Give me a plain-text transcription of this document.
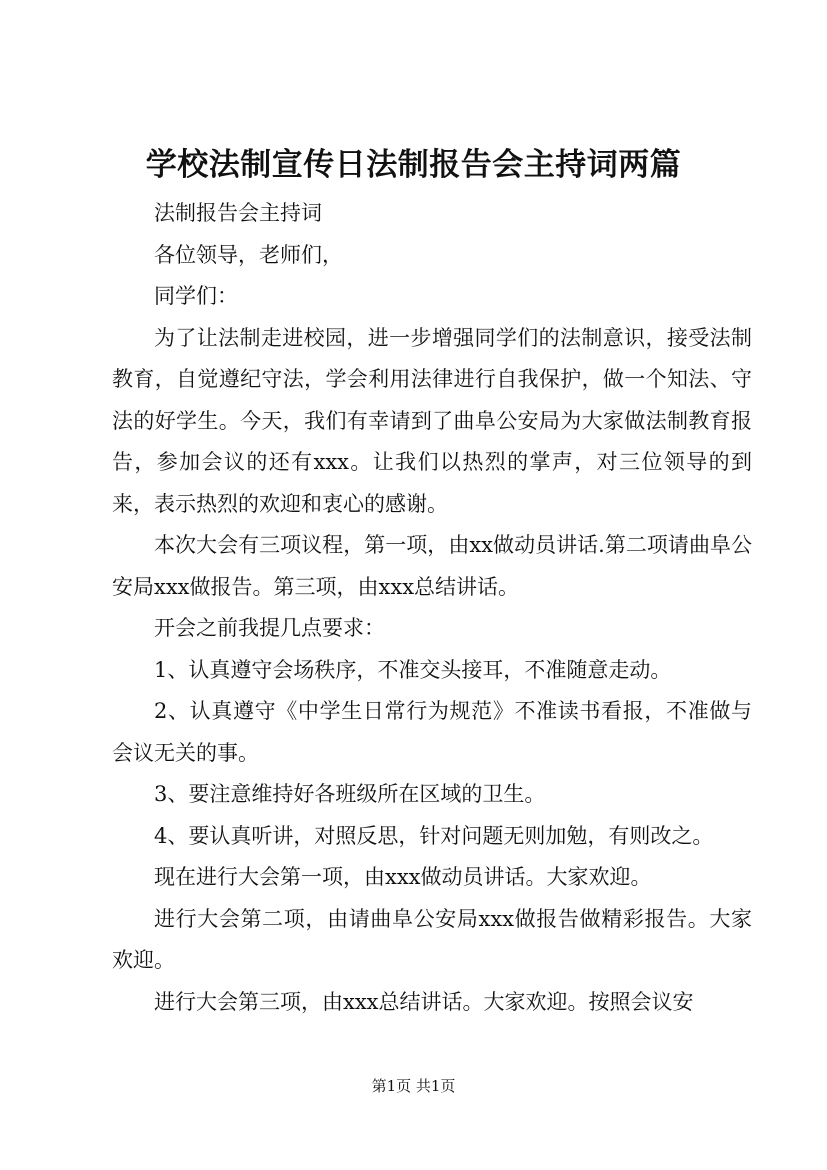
学校法制宣传日法制报告会主持词两篇

法制报告会主持词

各位领导，老师们，

同学们：

为了让法制走进校园，进一步增强同学们的法制意识，接受法制教育，自觉遵纪守法，学会利用法律进行自我保护，做一个知法、守法的好学生。今天，我们有幸请到了曲阜公安局为大家做法制教育报告，参加会议的还有xxx。让我们以热烈的掌声，对三位领导的到来，表示热烈的欢迎和衷心的感谢。

本次大会有三项议程，第一项，由xx做动员讲话.第二项请曲阜公安局xxx做报告。第三项，由xxx总结讲话。

开会之前我提几点要求：

1、认真遵守会场秩序，不准交头接耳，不准随意走动。

2、认真遵守《中学生日常行为规范》不准读书看报，不准做与会议无关的事。

3、要注意维持好各班级所在区域的卫生。

4、要认真听讲，对照反思，针对问题无则加勉，有则改之。

现在进行大会第一项，由xxx做动员讲话。大家欢迎。

进行大会第二项，由请曲阜公安局xxx做报告做精彩报告。大家欢迎。

进行大会第三项，由xxx总结讲话。大家欢迎。按照会议安

第1页 共1页
